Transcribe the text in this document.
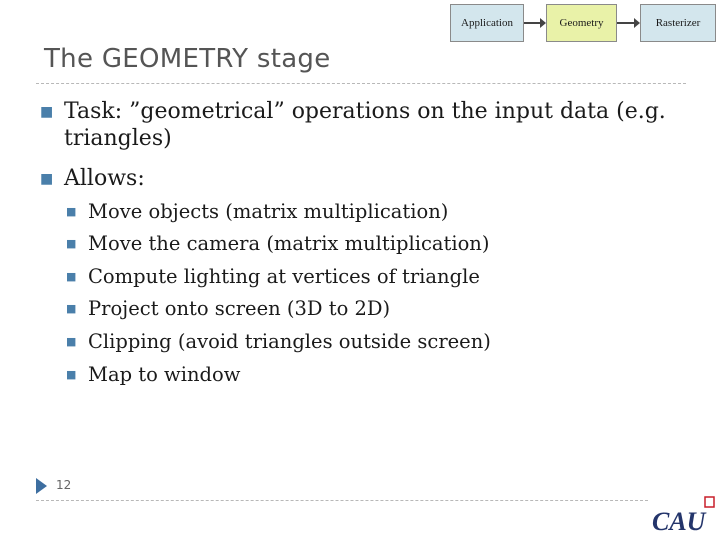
Application	Geometry	Rasterizer
The GEOMETRY stage
■ Task: ”geometrical” operations on the input data (e.g. triangles)
■ Allows:
■ Move objects (matrix multiplication)
■ Move the camera (matrix multiplication)
■ Compute lighting at vertices of triangle
■ Project onto screen (3D to 2D)
■ Clipping (avoid triangles outside screen)
■ Map to window
12
CAU
